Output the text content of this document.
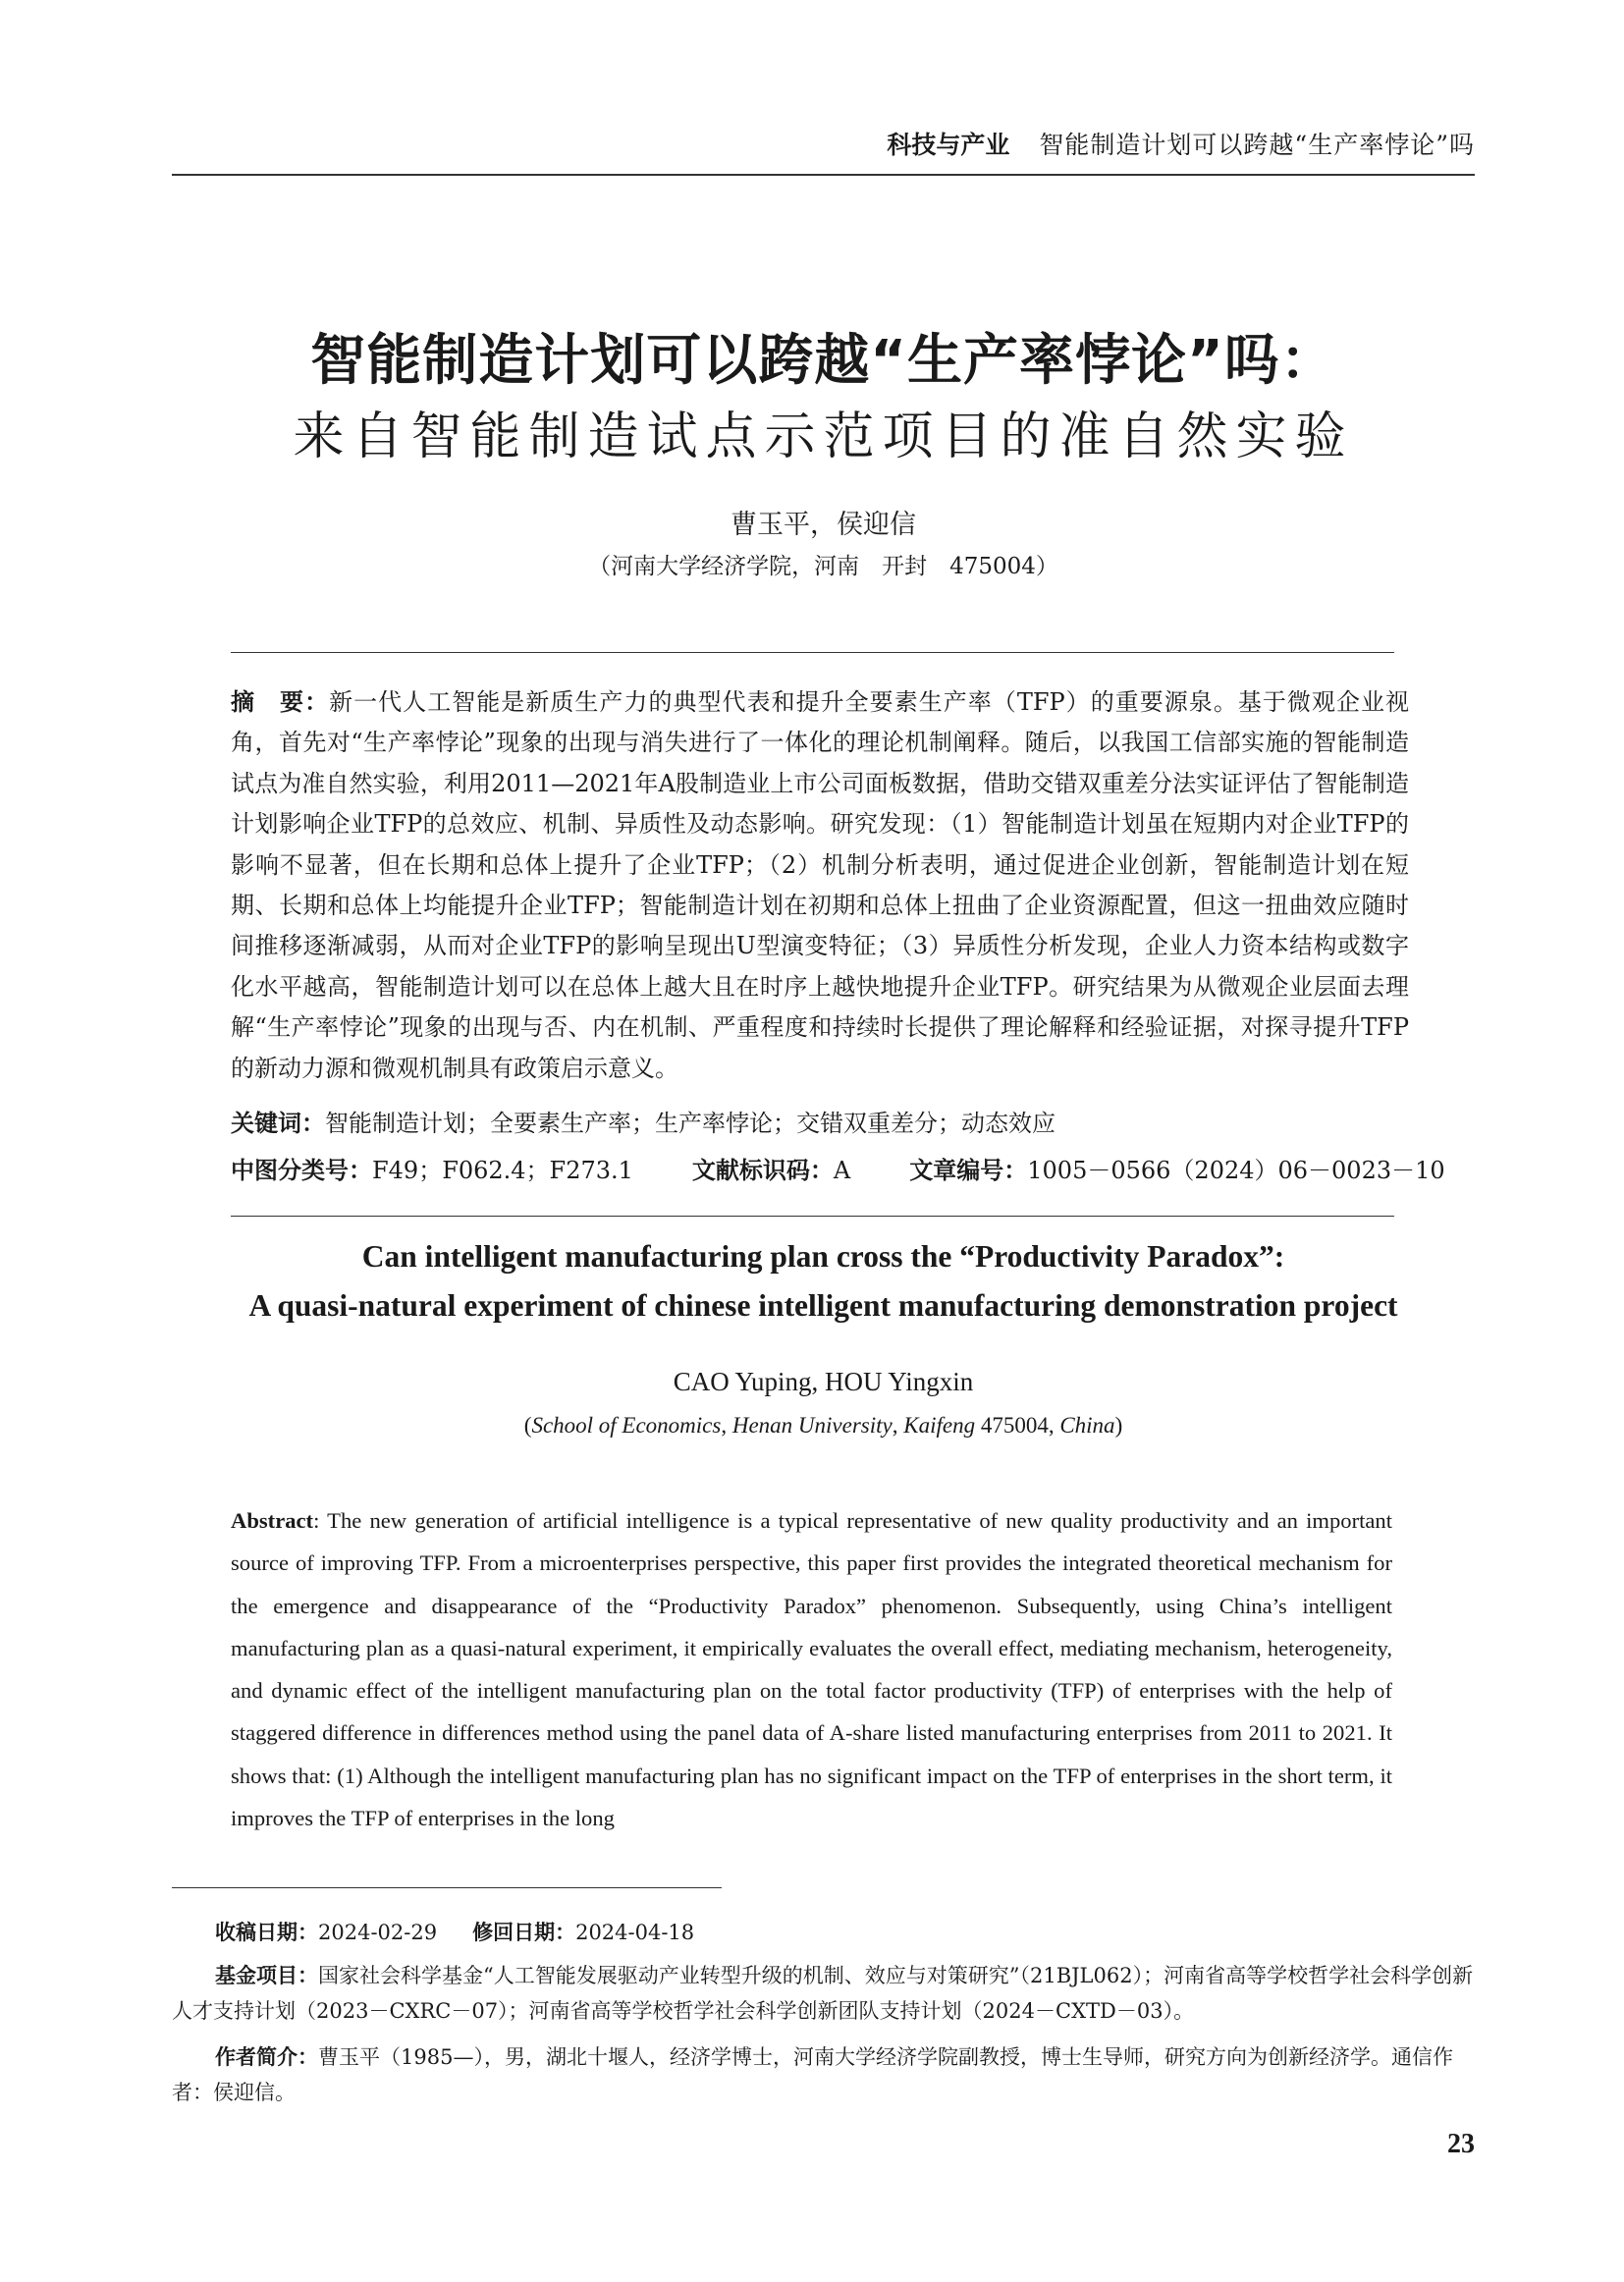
科技与产业 智能制造计划可以跨越“生产率悖论”吗
智能制造计划可以跨越“生产率悖论”吗：
来自智能制造试点示范项目的准自然实验
曹玉平，侯迎信
（河南大学经济学院，河南　开封　475004）
摘　要：新一代人工智能是新质生产力的典型代表和提升全要素生产率（TFP）的重要源泉。基于微观企业视角，首先对“生产率悖论”现象的出现与消失进行了一体化的理论机制阐释。随后，以我国工信部实施的智能制造试点为准自然实验，利用2011—2021年A股制造业上市公司面板数据，借助交错双重差分法实证评估了智能制造计划影响企业TFP的总效应、机制、异质性及动态影响。研究发现：（1）智能制造计划虽在短期内对企业TFP的影响不显著，但在长期和总体上提升了企业TFP；（2）机制分析表明，通过促进企业创新，智能制造计划在短期、长期和总体上均能提升企业TFP；智能制造计划在初期和总体上扭曲了企业资源配置，但这一扭曲效应随时间推移逐渐减弱，从而对企业TFP的影响呈现出U型演变特征；（3）异质性分析发现，企业人力资本结构或数字化水平越高，智能制造计划可以在总体上越大且在时序上越快地提升企业TFP。研究结果为从微观企业层面去理解“生产率悖论”现象的出现与否、内在机制、严重程度和持续时长提供了理论解释和经验证据，对探寻提升TFP的新动力源和微观机制具有政策启示意义。
关键词：智能制造计划；全要素生产率；生产率悖论；交错双重差分；动态效应
中图分类号：F49；F062.4；F273.1	文献标识码：A	文章编号：1005－0566（2024）06－0023－10
Can intelligent manufacturing plan cross the “Productivity Paradox”:
A quasi-natural experiment of chinese intelligent manufacturing demonstration project
CAO Yuping, HOU Yingxin
(School of Economics, Henan University, Kaifeng 475004, China)
Abstract: The new generation of artificial intelligence is a typical representative of new quality productivity and an important source of improving TFP. From a microenterprises perspective, this paper first provides the integrated theoretical mechanism for the emergence and disappearance of the “Productivity Paradox” phenomenon. Subsequently, using China’s intelligent manufacturing plan as a quasi-natural experiment, it empirically evaluates the overall effect, mediating mechanism, heterogeneity, and dynamic effect of the intelligent manufacturing plan on the total factor productivity (TFP) of enterprises with the help of staggered difference in differences method using the panel data of A-share listed manufacturing enterprises from 2011 to 2021. It shows that: (1) Although the intelligent manufacturing plan has no significant impact on the TFP of enterprises in the short term, it improves the TFP of enterprises in the long
收稿日期：2024-02-29 修回日期：2024-04-18
基金项目：国家社会科学基金“人工智能发展驱动产业转型升级的机制、效应与对策研究”（21BJL062）；河南省高等学校哲学社会科学创新人才支持计划（2023－CXRC－07）；河南省高等学校哲学社会科学创新团队支持计划（2024－CXTD－03）。
作者简介：曹玉平（1985—），男，湖北十堰人，经济学博士，河南大学经济学院副教授，博士生导师，研究方向为创新经济学。通信作者：侯迎信。
23
